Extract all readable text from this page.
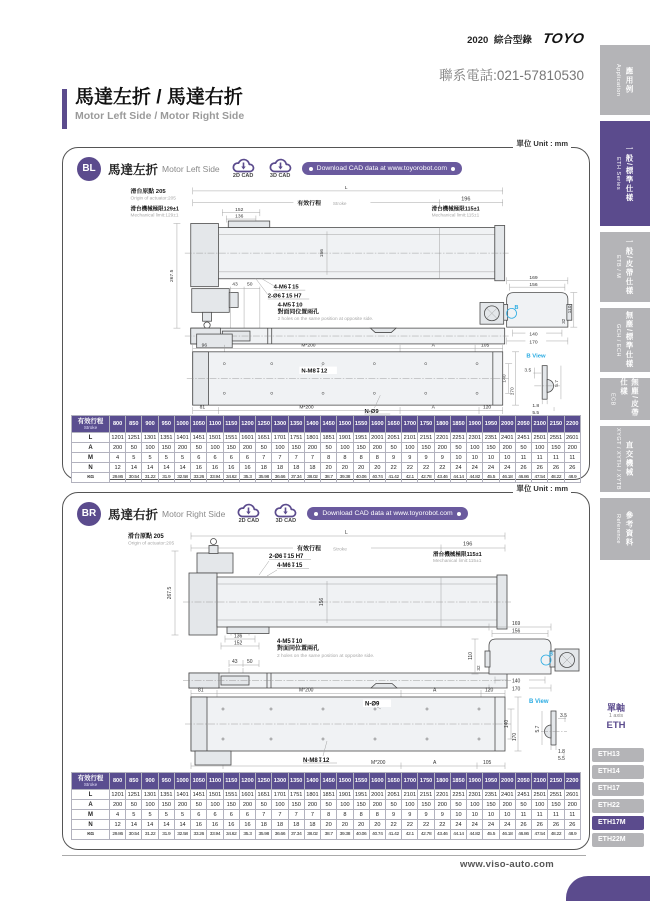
2020 綜合型錄 TOYO
聯系電話:021-57810530	Application 應用例
ETH Series 一般/標準仕樣
ETB / M 一般/皮帶仕樣
GCH / ECH 無塵/標準仕樣
ECB	無塵/皮帶仕樣
XYGT / XYTH / XYTB 直交機械
Reference 參考資料
馬達左折 / 馬達右折
Motor Left Side / Motor Right Side
單位 Unit : mm
BL 馬達左折 Motor Left Side
2D CAD	3D CAD
Download CAD data at www.toyorobot.com
滑台原點 205
Origin of actuator:205
L
有效行程 Stroke
196
滑台機械極限129±1
Mechanical limit:129±1
152
136
滑台機械極限115±1
Mechanical limit:115±1
267.5
156
43 50	4-M6↧15
2-Ø6↧15 H7
4-M5↧10
對面同位置兩孔
2 holes on the same position at opposite side.
169
156
B	110
32
140
170
96	M*200	A	105
N-M8↧12
N-Ø9
81	M*200	A	120
140
170
B View
3.5
1.8
5.5
5.7
有效行程
Stroke	800	850	900	950	1000	1050	1100	1150	1200	1250	1300	1350	1400	1450	1500	1550	1600	1650	1700	1750	1800	1850	1900	1950	2000	2050	2100	2150	2200
L	1201	1251	1301	1351	1401	1451	1501	1551	1601	1651	1701	1751	1801	1851	1901	1951	2001	2051	2101	2151	2201	2251	2301	2351	2401	2451	2501	2551	2601
A	200	50	100	150	200	50	100	150	200	50	100	150	200	50	100	150	200	50	100	150	200	50	100	150	200	50	100	150	200
M	4	5	5	5	5	6	6	6	6	7	7	7	7	8	8	8	8	9	9	9	9	10	10	10	10	11	11	11	11
N	12	14	14	14	14	16	16	16	16	18	18	18	18	20	20	20	20	22	22	22	22	24	24	24	24	26	26	26	26
KG	29.86	30.54	31.22	31.9	32.58	33.26	33.94	34.62	35.3	35.98	36.66	37.34	38.02	38.7	39.38	40.06	40.74	41.42	42.1	42.78	43.46	44.14	44.82	45.5	46.18	46.86	47.54	48.22	48.9
單位 Unit : mm
BR 馬達右折 Motor Right Side
2D CAD	3D CAD
Download CAD data at www.toyorobot.com
滑台原點 205
Origin of actuator:205
L
有效行程 Stroke
196
2-Ø6↧15 H7
4-M6↧15
滑台機械極限115±1
Mechanical limit:115±1
267.5
156
136
152	4-M5↧10
對面同位置兩孔
2 holes on the same position at opposite side.
43 50
169
156
B
110
32
140
170
81	M*200	A	120
N-Ø9
N-M8↧12	M*200	A	105
140
170
B View
3.5
5.7
1.8
5.5
有效行程
Stroke	800	850	900	950	1000	1050	1100	1150	1200	1250	1300	1350	1400	1450	1500	1550	1600	1650	1700	1750	1800	1850	1900	1950	2000	2050	2100	2150	2200
L	1201	1251	1301	1351	1401	1451	1501	1551	1601	1651	1701	1751	1801	1851	1901	1951	2001	2051	2101	2151	2201	2251	2301	2351	2401	2451	2501	2551	2601
A	200	50	100	150	200	50	100	150	200	50	100	150	200	50	100	150	200	50	100	150	200	50	100	150	200	50	100	150	200
M	4	5	5	5	5	6	6	6	6	7	7	7	7	8	8	8	8	9	9	9	9	10	10	10	10	11	11	11	11
N	12	14	14	14	14	16	16	16	16	18	18	18	18	20	20	20	20	22	22	22	22	24	24	24	24	26	26	26	26
KG	29.86	30.54	31.22	31.9	32.58	33.26	33.94	34.62	35.3	35.98	36.66	37.34	38.02	38.7	39.38	40.06	40.74	41.42	42.1	42.78	43.46	44.14	44.82	45.5	46.18	46.86	47.54	48.22	48.9
單軸
1 axis
ETH
ETH13
ETH14
ETH17
ETH22
ETH17M
ETH22M
www.viso-auto.com
